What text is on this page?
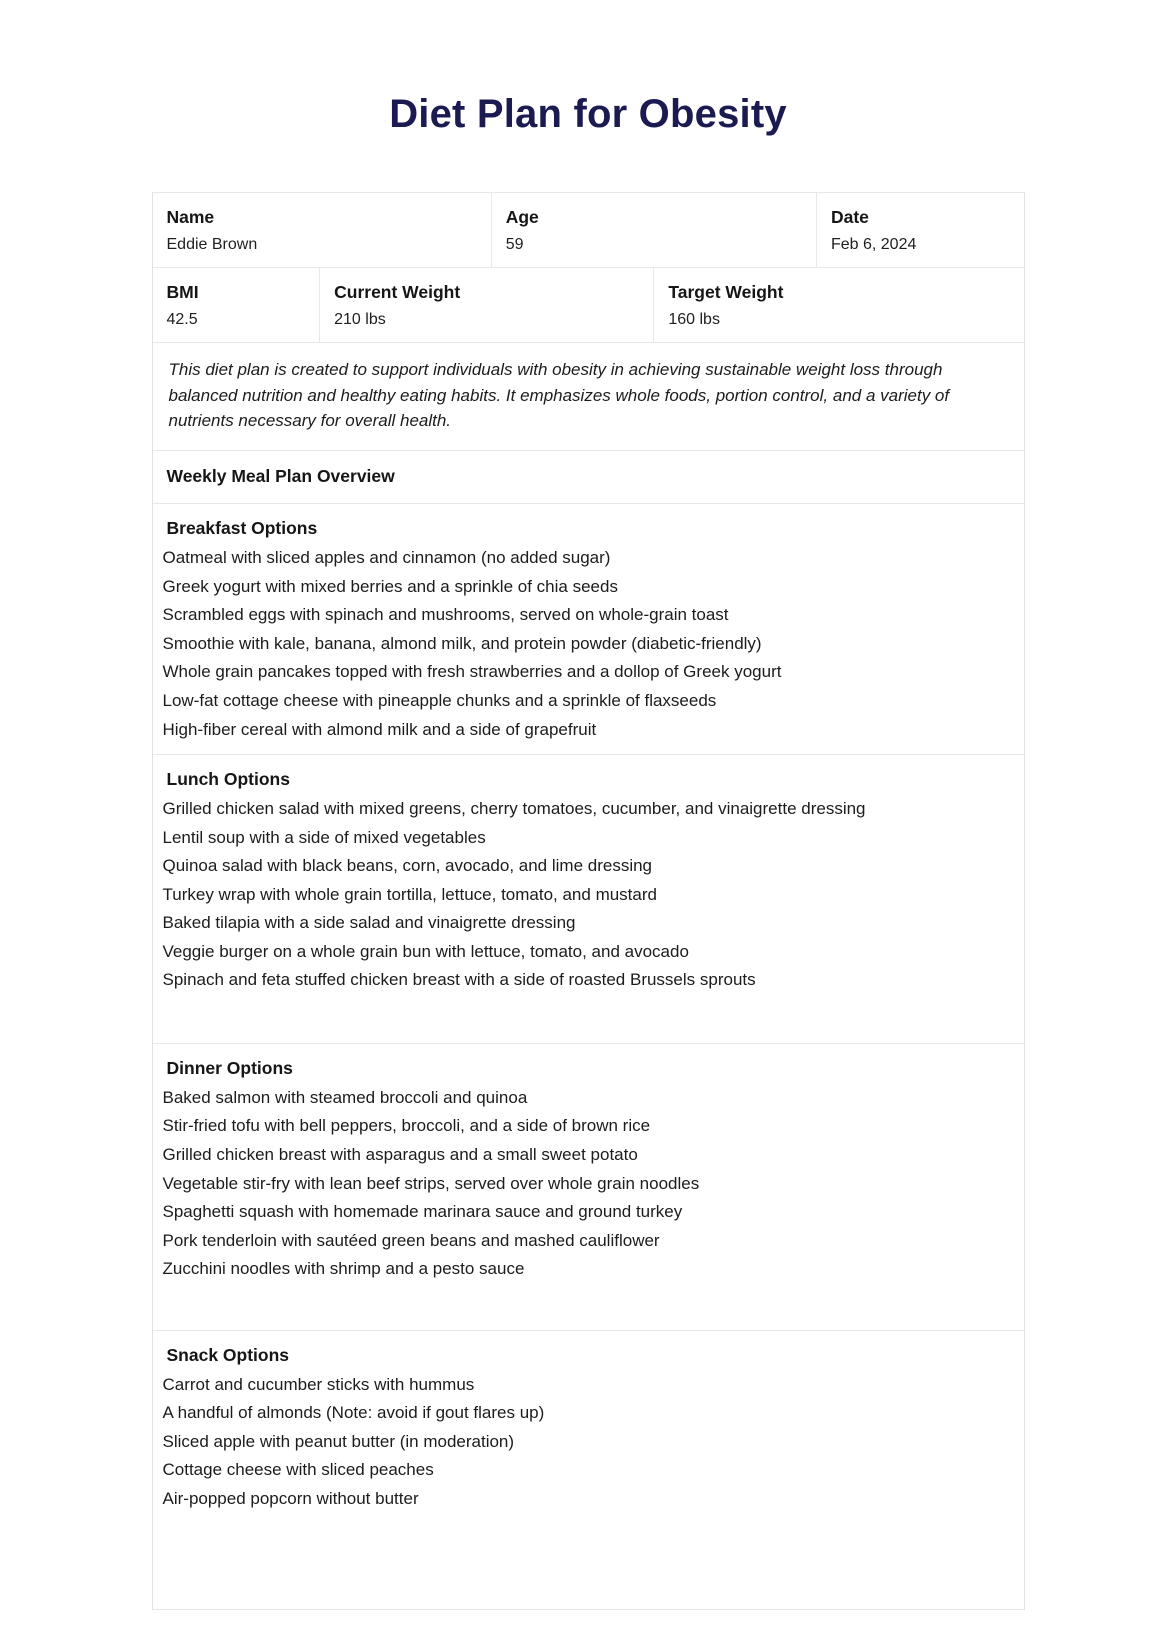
Diet Plan for Obesity
Name
Eddie Brown
Age
59
Date
Feb 6, 2024
BMI
42.5
Current Weight
210 lbs
Target Weight
160 lbs

This diet plan is created to support individuals with obesity in achieving sustainable weight loss through balanced nutrition and healthy eating habits. It emphasizes whole foods, portion control, and a variety of nutrients necessary for overall health.

Weekly Meal Plan Overview
Breakfast Options
Oatmeal with sliced apples and cinnamon (no added sugar)
Greek yogurt with mixed berries and a sprinkle of chia seeds
Scrambled eggs with spinach and mushrooms, served on whole-grain toast
Smoothie with kale, banana, almond milk, and protein powder (diabetic-friendly)
Whole grain pancakes topped with fresh strawberries and a dollop of Greek yogurt
Low-fat cottage cheese with pineapple chunks and a sprinkle of flaxseeds
High-fiber cereal with almond milk and a side of grapefruit
Lunch Options
Grilled chicken salad with mixed greens, cherry tomatoes, cucumber, and vinaigrette dressing
Lentil soup with a side of mixed vegetables
Quinoa salad with black beans, corn, avocado, and lime dressing
Turkey wrap with whole grain tortilla, lettuce, tomato, and mustard
Baked tilapia with a side salad and vinaigrette dressing
Veggie burger on a whole grain bun with lettuce, tomato, and avocado
Spinach and feta stuffed chicken breast with a side of roasted Brussels sprouts
Dinner Options
Baked salmon with steamed broccoli and quinoa
Stir-fried tofu with bell peppers, broccoli, and a side of brown rice
Grilled chicken breast with asparagus and a small sweet potato
Vegetable stir-fry with lean beef strips, served over whole grain noodles
Spaghetti squash with homemade marinara sauce and ground turkey
Pork tenderloin with sautéed green beans and mashed cauliflower
Zucchini noodles with shrimp and a pesto sauce
Snack Options
Carrot and cucumber sticks with hummus
A handful of almonds (Note: avoid if gout flares up)
Sliced apple with peanut butter (in moderation)
Cottage cheese with sliced peaches
Air-popped popcorn without butter
